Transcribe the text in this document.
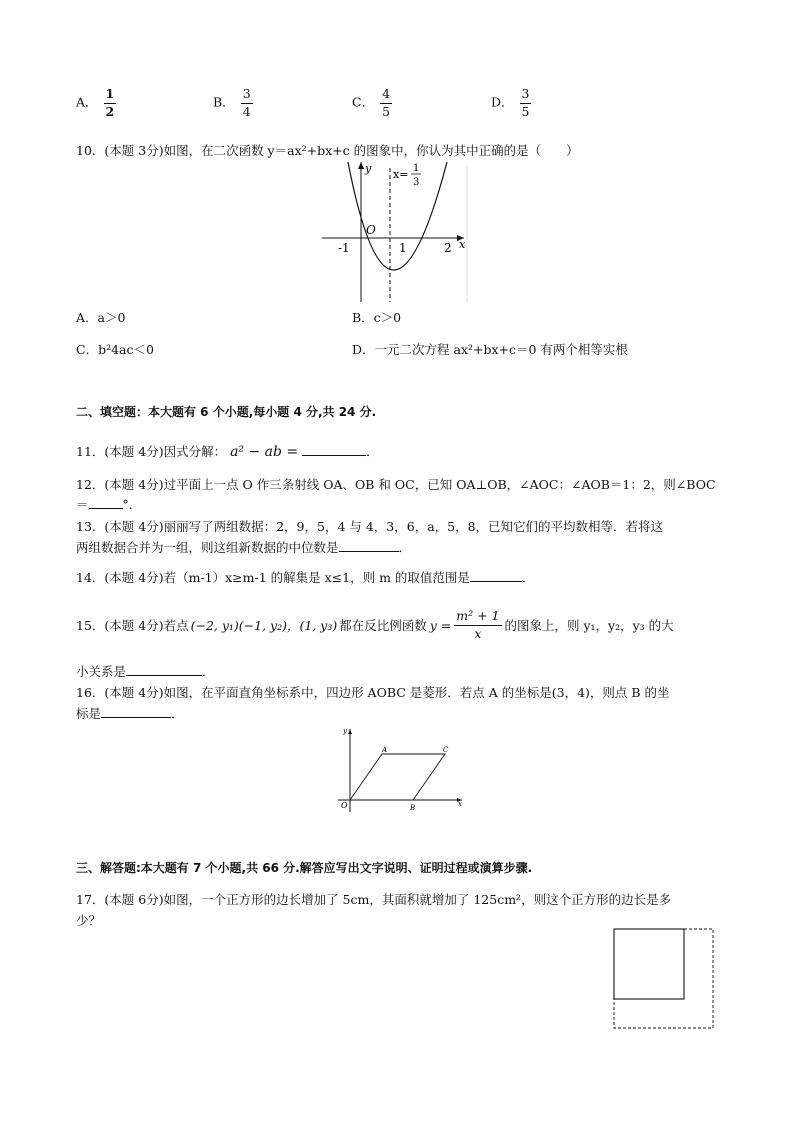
A． $\frac{1}{2}$	B． $\frac{3}{4}$	C． $\frac{4}{5}$	D． $\frac{3}{5}$
10．(本题 3分)如图，在二次函数 y＝ax²+bx+c 的图象中，你认为其中正确的是（　　）
-1	1	2 x
y
O
x= 1
3
A．a＞0	B．c＞0
C．b²4ac＜0	D．一元二次方程 ax²+bx+c＝0 有两个相等实根
二、填空题：本大题有 6 个小题,每小题 4 分,共 24 分.
11．(本题 4分)因式分解： a² − ab =	．
12．(本题 4分)过平面上一点 O 作三条射线 OA、OB 和 OC，已知 OA⊥OB，∠AOC：∠AOB＝1：2，则∠BOC
＝	°.
13．(本题 4分)丽丽写了两组数据：2，9，5，4 与 4，3，6，a，5，8，已知它们的平均数相等．若将这
两组数据合并为一组，则这组新数据的中位数是	．
14．(本题 4分)若（m-1）x≥m-1 的解集是 x≤1，则 m 的取值范围是	．
15．(本题 4分)若点 (−2, y₁)(−1, y₂)，(1, y₃) 都在反比例函数 $y = \frac{\text{m² + 1}}{x}$ 的图象上，则 y₁，y₂，y₃ 的大
小关系是	．
16．(本题 4分)如图，在平面直角坐标系中，四边形 AOBC 是菱形．若点 A 的坐标是(3，4)，则点 B 的坐
标是	．
y
x
O
A	C
B
三、解答题:本大题有 7 个小题,共 66 分.解答应写出文字说明、证明过程或演算步骤.
17．(本题 6分)如图，一个正方形的边长增加了 5cm，其面积就增加了 125cm²，则这个正方形的边长是多
少？
